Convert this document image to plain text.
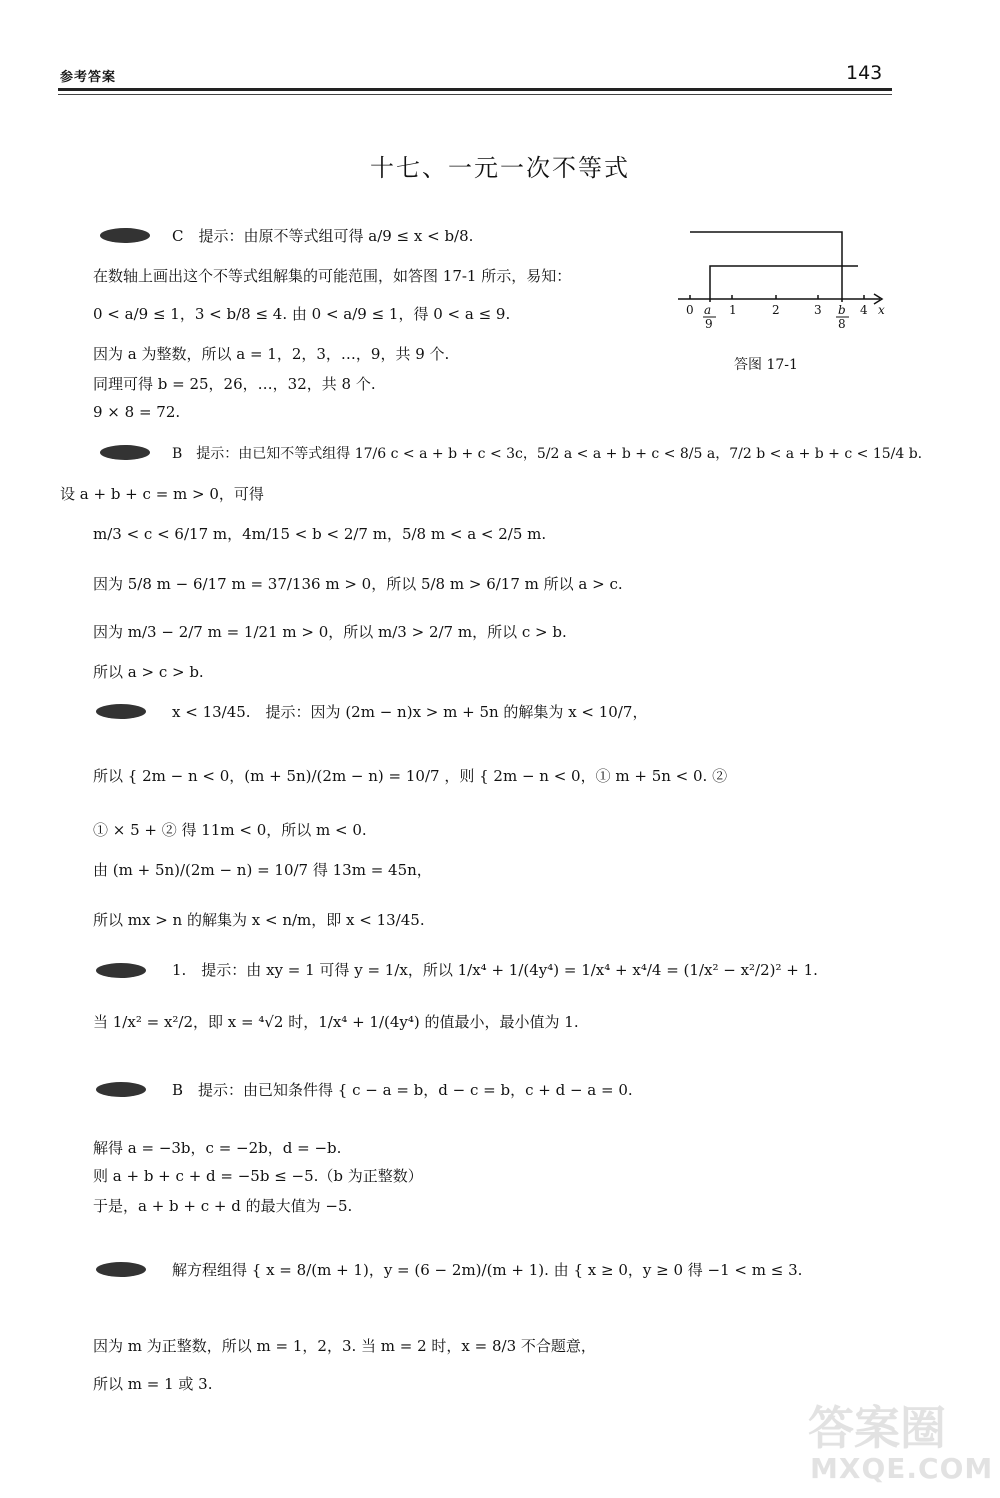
参考答案	143
十七、一元一次不等式
0 a
9
1	2	3 b
8
4 x
答图 17-1
C　提示：由原不等式组可得 a/9 ≤ x < b/8.
在数轴上画出这个不等式组解集的可能范围，如答图 17-1 所示，易知：
0 < a/9 ≤ 1，3 < b/8 ≤ 4. 由 0 < a/9 ≤ 1，得 0 < a ≤ 9.
因为 a 为整数，所以 a = 1，2，3，…，9，共 9 个.
同理可得 b = 25，26，…，32，共 8 个.
9 × 8 = 72.
B　提示：由已知不等式组得 17/6 c < a + b + c < 3c，5/2 a < a + b + c < 8/5 a，7/2 b < a + b + c < 15/4 b.
设 a + b + c = m > 0，可得
m/3 < c < 6/17 m，4m/15 < b < 2/7 m，5/8 m < a < 2/5 m.
因为 5/8 m − 6/17 m = 37/136 m > 0，所以 5/8 m > 6/17 m 所以 a > c.
因为 m/3 − 2/7 m = 1/21 m > 0，所以 m/3 > 2/7 m，所以 c > b.
所以 a > c > b.
x < 13/45.　提示：因为 (2m − n)x > m + 5n 的解集为 x < 10/7，
所以 { 2m − n < 0，(m + 5n)/(2m − n) = 10/7 ，则 { 2m − n < 0，① m + 5n < 0. ②
① × 5 + ② 得 11m < 0，所以 m < 0.
由 (m + 5n)/(2m − n) = 10/7 得 13m = 45n，
所以 mx > n 的解集为 x < n/m，即 x < 13/45.
1.　提示：由 xy = 1 可得 y = 1/x，所以 1/x⁴ + 1/(4y⁴) = 1/x⁴ + x⁴/4 = (1/x² − x²/2)² + 1.
当 1/x² = x²/2，即 x = ⁴√2 时，1/x⁴ + 1/(4y⁴) 的值最小，最小值为 1.
B　提示：由已知条件得 { c − a = b，d − c = b，c + d − a = 0.
解得 a = −3b，c = −2b，d = −b.
则 a + b + c + d = −5b ≤ −5.（b 为正整数）
于是，a + b + c + d 的最大值为 −5.
解方程组得 { x = 8/(m + 1)，y = (6 − 2m)/(m + 1). 由 { x ≥ 0，y ≥ 0 得 −1 < m ≤ 3.
因为 m 为正整数，所以 m = 1，2，3. 当 m = 2 时，x = 8/3 不合题意，
所以 m = 1 或 3.
答案圈
MXQE.COM
